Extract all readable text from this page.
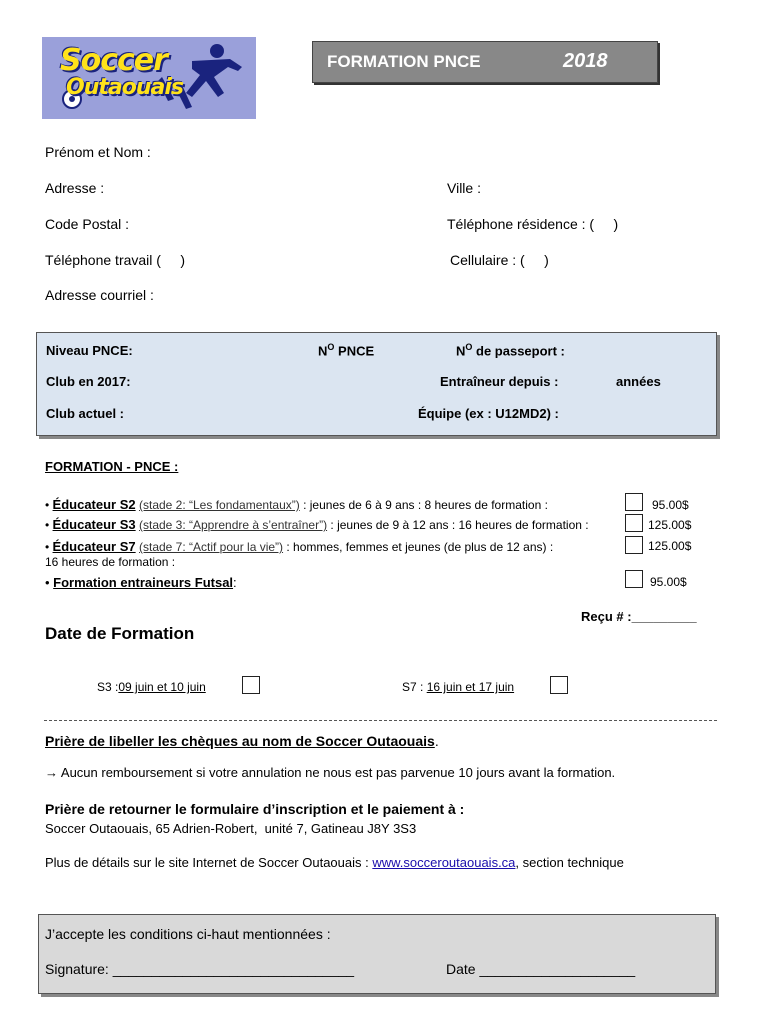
Soccer
Outaouais
FORMATION PNCE	2018
Prénom et Nom :
Adresse :	Ville :
Code Postal :	Téléphone résidence : (     )
Téléphone travail (     )	Cellulaire : (     )
Adresse courriel :
Niveau PNCE:	$N^O$ PNCE	$N^O$ de passeport :
Club en 2017:	Entraîneur depuis :	années
Club actuel :	Équipe (ex : U12MD2) :
FORMATION - PNCE :
• Éducateur S2 (stade 2: “Les fondamentaux”) : jeunes de 6 à 9 ans : 8 heures de formation :	95.00$
• Éducateur S3 (stade 3: “Apprendre à s’entraîner”) : jeunes de 9 à 12 ans : 16 heures de formation :	125.00$
• Éducateur S7 (stade 7: “Actif pour la vie”) : hommes, femmes et jeunes (de plus de 12 ans) :
16 heures de formation :
125.00$
• Formation entraineurs Futsal:	95.00$
Reçu # :_________
Date de Formation
S3 :09 juin et 10 juin	S7 : 16 juin et 17 juin
Prière de libeller les chèques au nom de Soccer Outaouais.
→ Aucun remboursement si votre annulation ne nous est pas parvenue 10 jours avant la formation.
Prière de retourner le formulaire d’inscription et le paiement à :
Soccer Outaouais, 65 Adrien-Robert,  unité 7, Gatineau J8Y 3S3
Plus de détails sur le site Internet de Soccer Outaouais : www.socceroutaouais.ca, section technique
J’accepte les conditions ci-haut mentionnées :
Signature: _______________________________	Date ____________________
